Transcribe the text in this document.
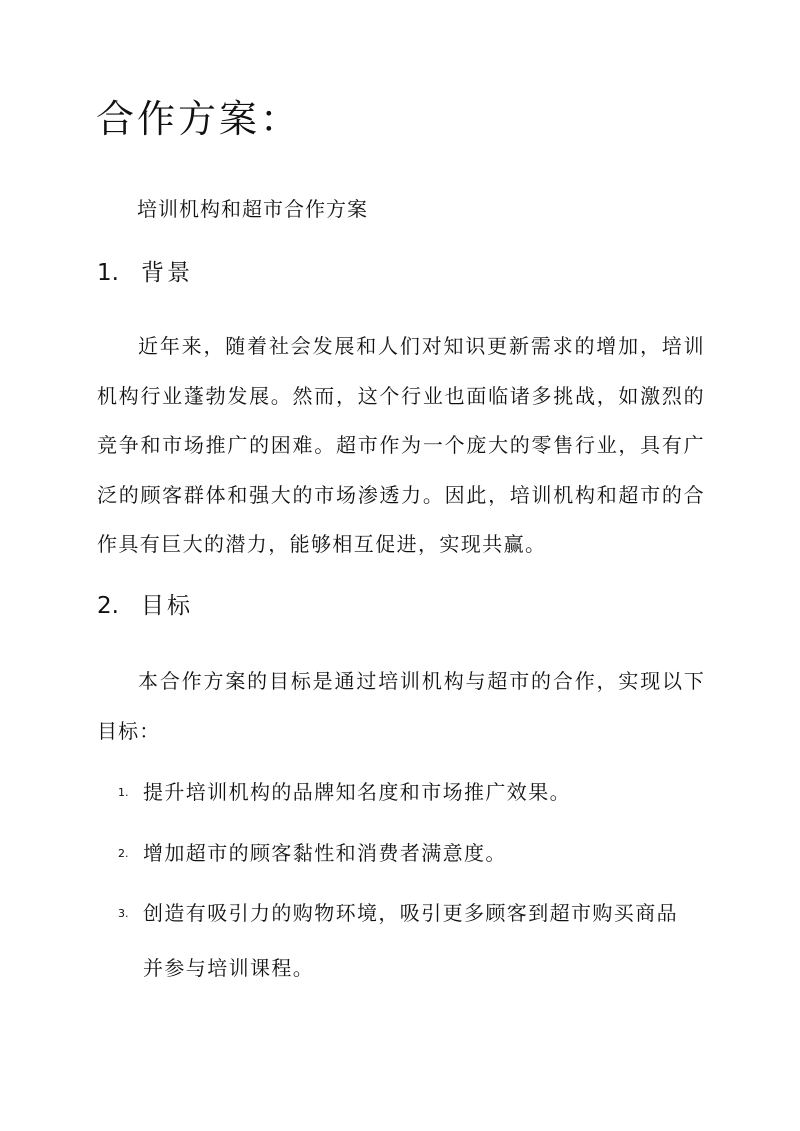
合作方案：
培训机构和超市合作方案
1. 背景
近年来，随着社会发展和人们对知识更新需求的增加，培训机构行业蓬勃发展。然而，这个行业也面临诸多挑战，如激烈的竞争和市场推广的困难。超市作为一个庞大的零售行业，具有广泛的顾客群体和强大的市场渗透力。因此，培训机构和超市的合作具有巨大的潜力，能够相互促进，实现共赢。
2. 目标
本合作方案的目标是通过培训机构与超市的合作，实现以下目标：
1. 提升培训机构的品牌知名度和市场推广效果。
2. 增加超市的顾客黏性和消费者满意度。
3. 创造有吸引力的购物环境，吸引更多顾客到超市购买商品并参与培训课程。
